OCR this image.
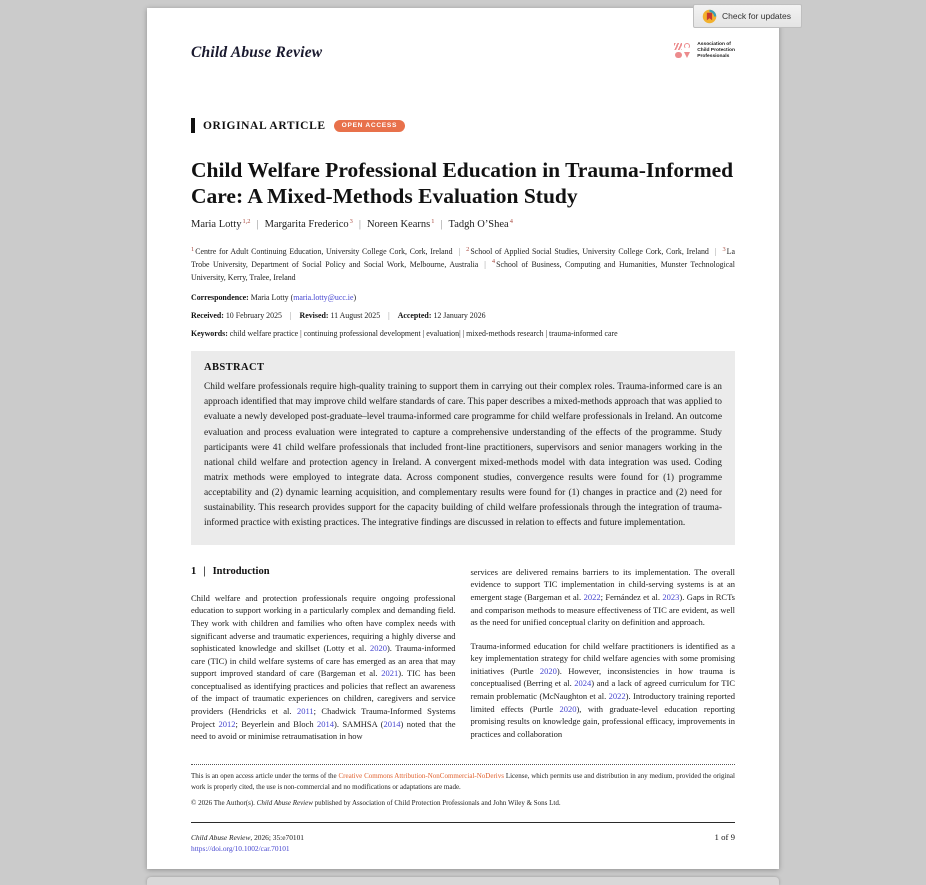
Check for updates
Child Abuse Review	Association of
Child Protection
Professionals
ORIGINAL ARTICLE	OPEN ACCESS
Child Welfare Professional Education in Trauma-Informed Care: A Mixed-Methods Evaluation Study
Maria Lotty$^{1,2}$ | Margarita Frederico$^3$ | Noreen Kearns$^1$ | Tadgh O’Shea$^4$
$^1$Centre for Adult Continuing Education, University College Cork, Cork, Ireland | $^2$School of Applied Social Studies, University College Cork, Cork, Ireland | $^3$La Trobe University, Department of Social Policy and Social Work, Melbourne, Australia | $^4$School of Business, Computing and Humanities, Munster Technological University, Kerry, Tralee, Ireland
Correspondence: Maria Lotty (maria.lotty@ucc.ie)
Received: 10 February 2025 | Revised: 11 August 2025 | Accepted: 12 January 2026
Keywords: child welfare practice | continuing professional development | evaluation| | mixed-methods research | trauma-informed care
ABSTRACT

Child welfare professionals require high-quality training to support them in carrying out their complex roles. Trauma-informed care is an approach identified that may improve child welfare standards of care. This paper describes a mixed-methods approach that was applied to evaluate a newly developed post-graduate–level trauma-informed care programme for child welfare professionals in Ireland. An outcome evaluation and process evaluation were integrated to capture a comprehensive understanding of the effects of the programme. Study participants were 41 child welfare professionals that included front-line practitioners, supervisors and senior managers working in the national child welfare and protection agency in Ireland. A convergent mixed-methods model with data integration was used. Coding matrix methods were employed to integrate data. Across component studies, convergence results were found for (1) programme acceptability and (2) dynamic learning acquisition, and complementary results were found for (1) changes in practice and (2) need for sustainability. This research provides support for the capacity building of child welfare professionals through the integration of trauma-informed practice with existing practices. The integrative findings are discussed in relation to effects and future implementation.

1 | Introduction

Child welfare and protection professionals require ongoing professional education to support working in a particularly complex and demanding field. They work with children and families who often have complex needs with significant adverse and traumatic experiences, requiring a highly diverse and sophisticated knowledge and skillset (Lotty et al. 2020). Trauma-informed care (TIC) in child welfare systems of care has emerged as an area that may support improved standard of care (Bargeman et al. 2021). TIC has been conceptualised as identifying practices and policies that reflect an awareness of the impact of traumatic experiences on children, caregivers and service providers (Hendricks et al. 2011; Chadwick Trauma-Informed Systems Project 2012; Beyerlein and Bloch 2014). SAMHSA (2014) noted that the need to avoid or minimise retraumatisation in how

services are delivered remains barriers to its implementation. The overall evidence to support TIC implementation in child-serving systems is at an emergent stage (Bargeman et al. 2022; Fernández et al. 2023). Gaps in RCTs and comparison methods to measure effectiveness of TIC are evident, as well as the need for unified conceptual clarity on definition and approach.

Trauma-informed education for child welfare practitioners is identified as a key implementation strategy for child welfare agencies with some promising initiatives (Purtle 2020). However, inconsistencies in how trauma is conceptualised (Berring et al. 2024) and a lack of agreed curriculum for TIC remain problematic (McNaughton et al. 2022). Introductory training reported limited effects (Purtle 2020), with graduate-level education reporting promising results on knowledge gain, professional efficacy, improvements in practices and collaboration

This is an open access article under the terms of the Creative Commons Attribution-NonCommercial-NoDerivs License, which permits use and distribution in any medium, provided the original work is properly cited, the use is non-commercial and no modifications or adaptations are made.

© 2026 The Author(s). Child Abuse Review published by Association of Child Protection Professionals and John Wiley & Sons Ltd.

Child Abuse Review, 2026; 35:e70101
https://doi.org/10.1002/car.70101
1 of 9
